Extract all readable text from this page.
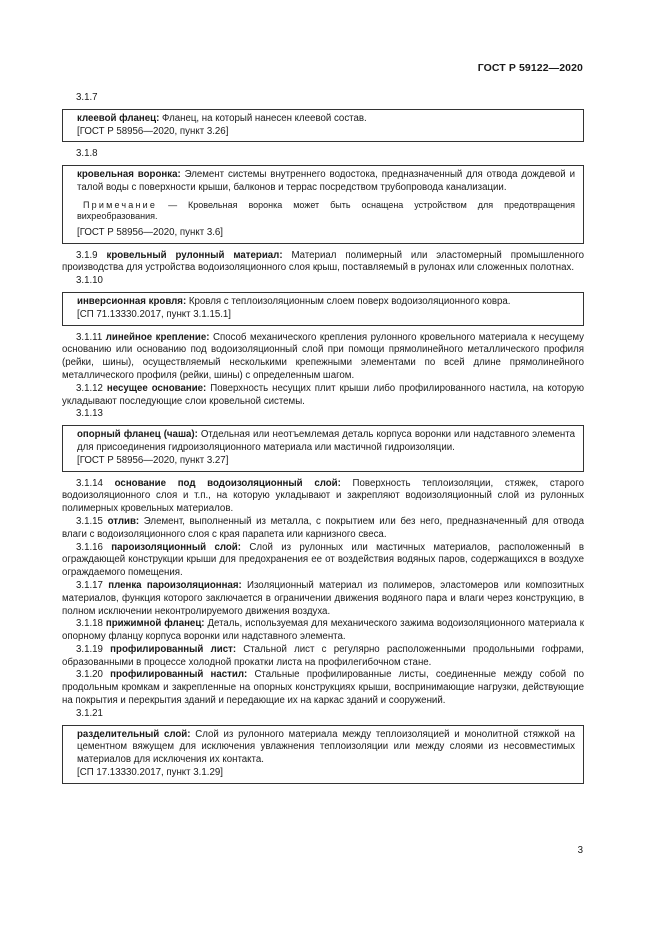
ГОСТ Р 59122—2020
3.1.7

клеевой фланец: Фланец, на который нанесен клеевой состав.

[ГОСТ Р 58956—2020, пункт 3.26]

3.1.8

кровельная воронка: Элемент системы внутреннего водостока, предназначенный для отвода дождевой и талой воды с поверхности крыши, балконов и террас посредством трубопровода канализации.

Примечание — Кровельная воронка может быть оснащена устройством для предотвращения вихреобразования.

[ГОСТ Р 58956—2020, пункт 3.6]

3.1.9 кровельный рулонный материал: Материал полимерный или эластомерный промышленного производства для устройства водоизоляционного слоя крыш, поставляемый в рулонах или сложенных полотнах.

3.1.10

инверсионная кровля: Кровля с теплоизоляционным слоем поверх водоизоляционного ковра.

[СП 71.13330.2017, пункт 3.1.15.1]

3.1.11 линейное крепление: Способ механического крепления рулонного кровельного материала к несущему основанию или основанию под водоизоляционный слой при помощи прямолинейного металлического профиля (рейки, шины), осуществляемый несколькими крепежными элементами по всей длине прямолинейного металлического профиля (рейки, шины) с определенным шагом.

3.1.12 несущее основание: Поверхность несущих плит крыши либо профилированного настила, на которую укладывают последующие слои кровельной системы.

3.1.13

опорный фланец (чаша): Отдельная или неотъемлемая деталь корпуса воронки или надставного элемента для присоединения гидроизоляционного материала или мастичной гидроизоляции.

[ГОСТ Р 58956—2020, пункт 3.27]

3.1.14 основание под водоизоляционный слой: Поверхность теплоизоляции, стяжек, старого водоизоляционного слоя и т.п., на которую укладывают и закрепляют водоизоляционный слой из рулонных полимерных кровельных материалов.

3.1.15 отлив: Элемент, выполненный из металла, с покрытием или без него, предназначенный для отвода влаги с водоизоляционного слоя с края парапета или карнизного свеса.

3.1.16 пароизоляционный слой: Слой из рулонных или мастичных материалов, расположенный в ограждающей конструкции крыши для предохранения ее от воздействия водяных паров, содержащихся в воздухе ограждаемого помещения.

3.1.17 пленка пароизоляционная: Изоляционный материал из полимеров, эластомеров или композитных материалов, функция которого заключается в ограничении движения водяного пара и влаги через конструкцию, в полном исключении неконтролируемого движения воздуха.

3.1.18 прижимной фланец: Деталь, используемая для механического зажима водоизоляционного материала к опорному фланцу корпуса воронки или надставного элемента.

3.1.19 профилированный лист: Стальной лист с регулярно расположенными продольными гофрами, образованными в процессе холодной прокатки листа на профилегибочном стане.

3.1.20 профилированный настил: Стальные профилированные листы, соединенные между собой по продольным кромкам и закрепленные на опорных конструкциях крыши, воспринимающие нагрузки, действующие на покрытия и перекрытия зданий и передающие их на каркас зданий и сооружений.

3.1.21

разделительный слой: Слой из рулонного материала между теплоизоляцией и монолитной стяжкой на цементном вяжущем для исключения увлажнения теплоизоляции или между слоями из несовместимых материалов для исключения их контакта.

[СП 17.13330.2017, пункт 3.1.29]

3
